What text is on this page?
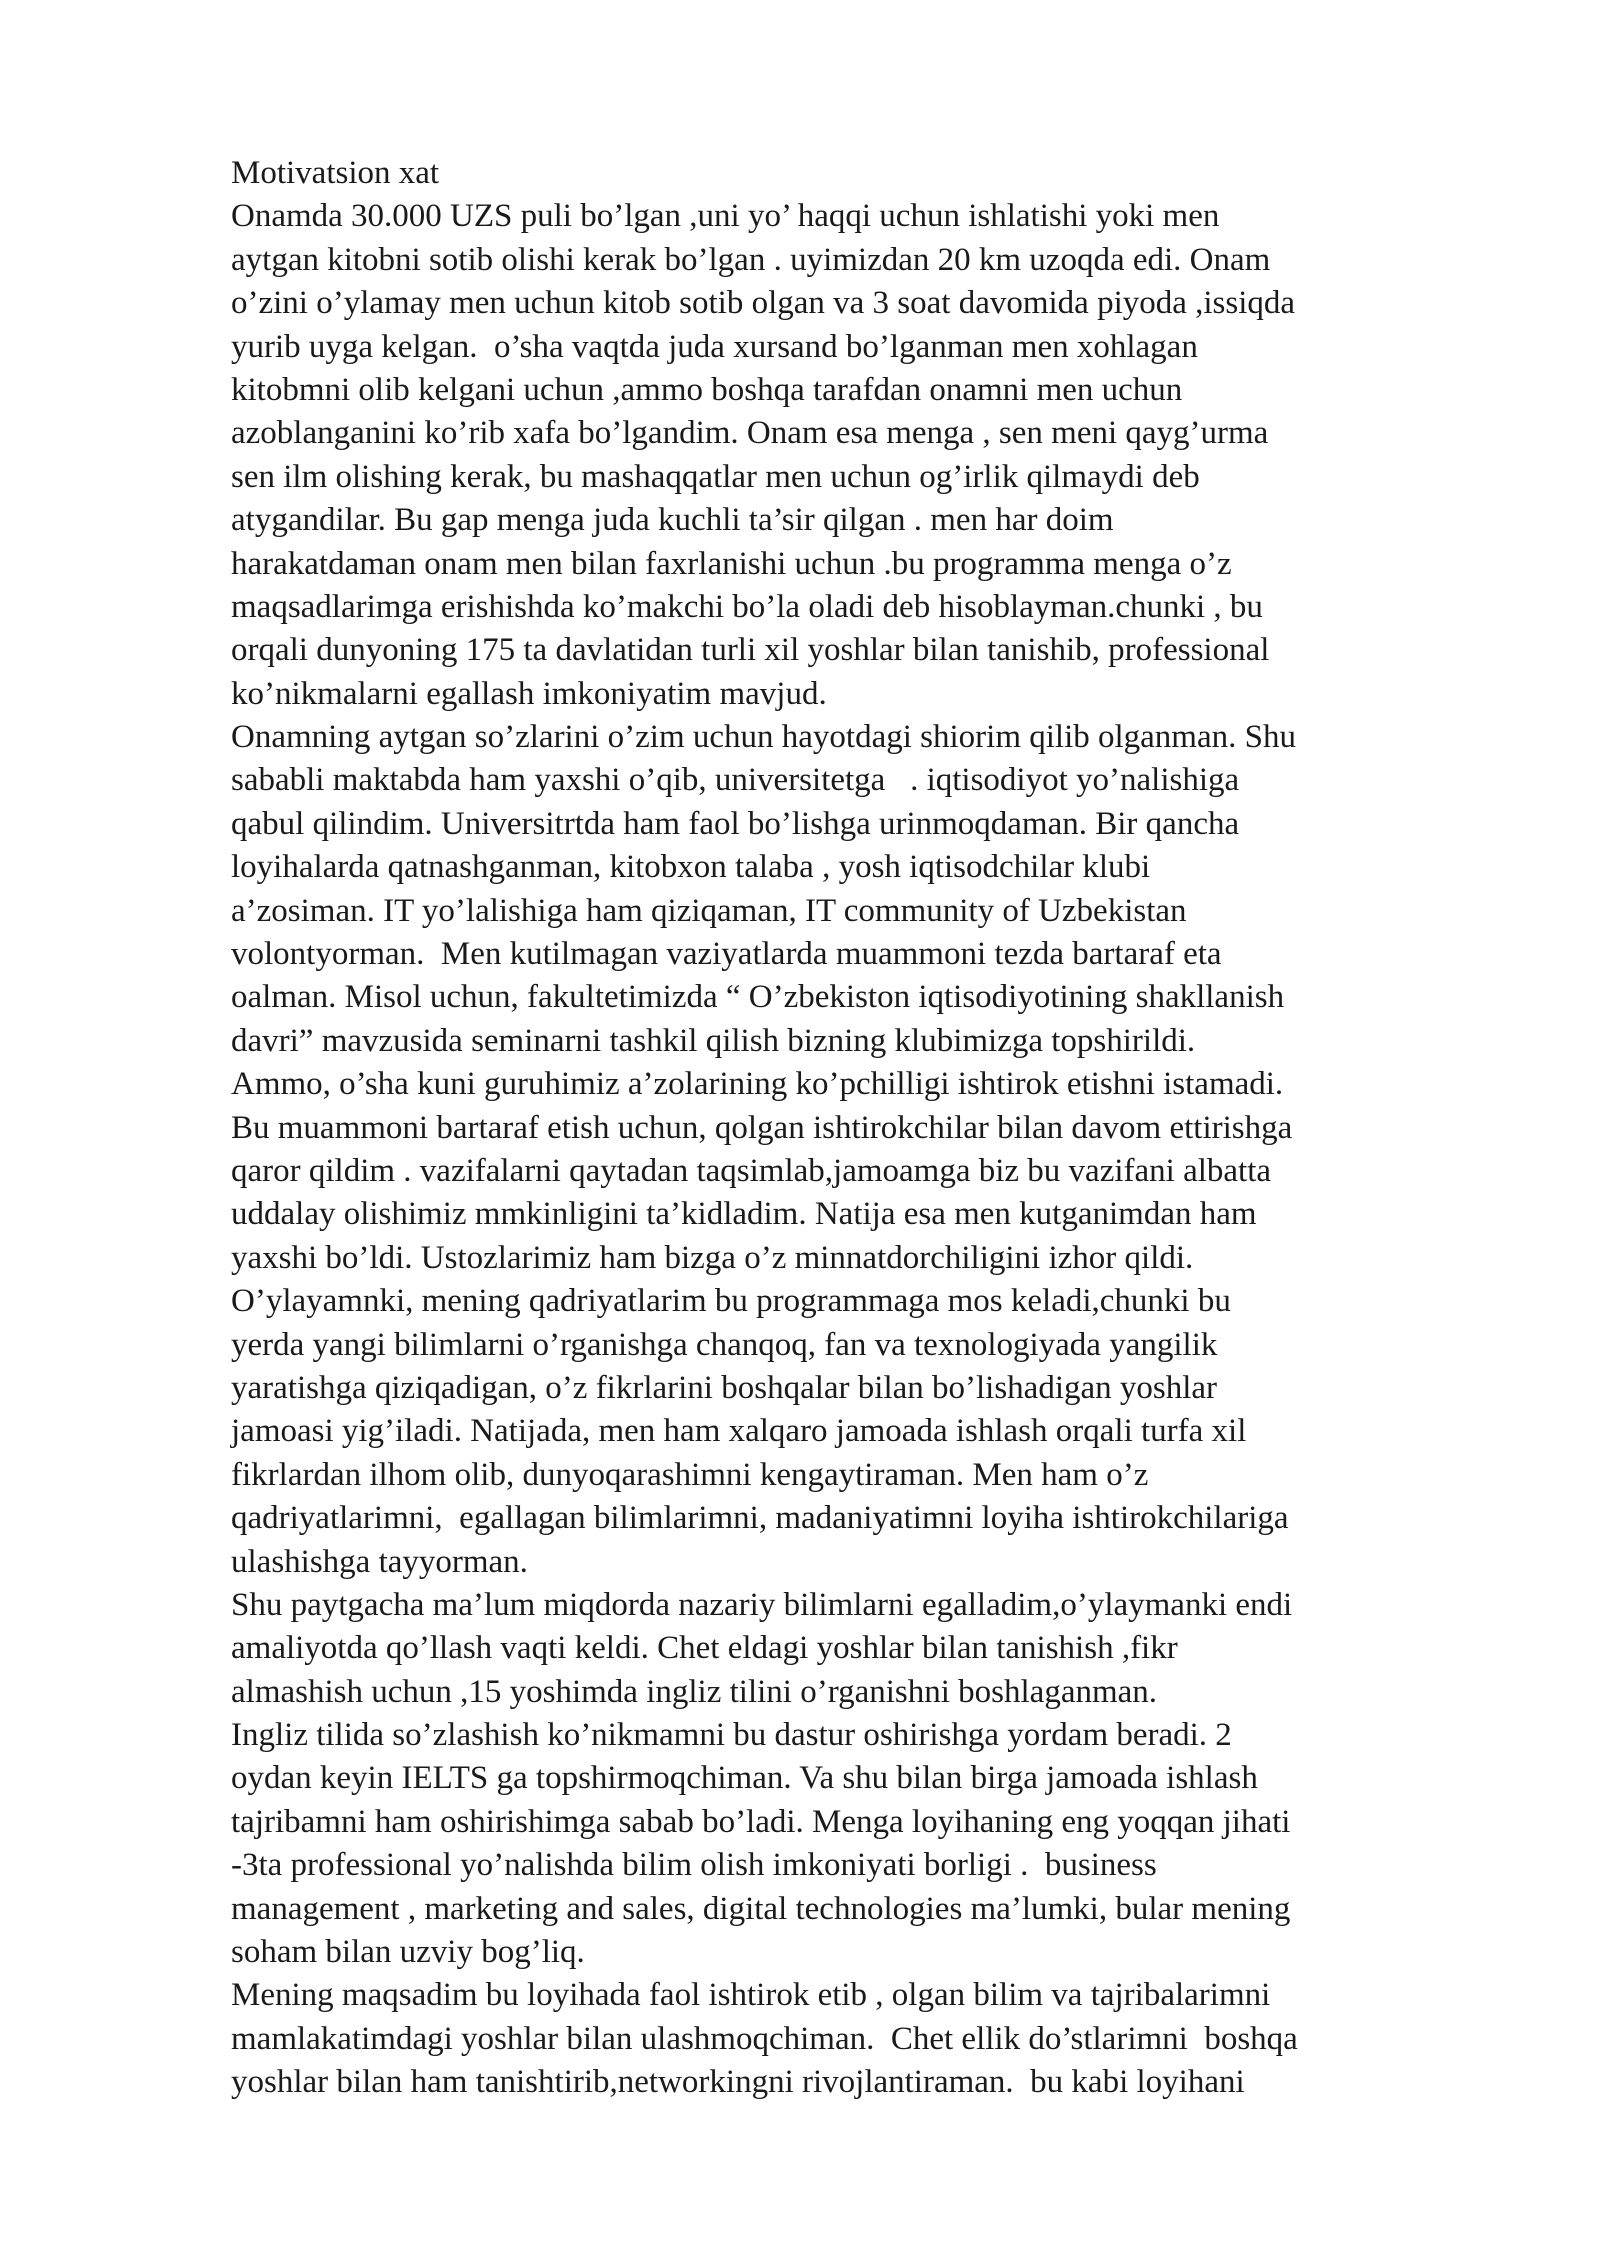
Motivatsion xat
Onamda 30.000 UZS puli bo’lgan ,uni yo’ haqqi uchun ishlatishi yoki men
aytgan kitobni sotib olishi kerak bo’lgan . uyimizdan 20 km uzoqda edi. Onam
o’zini o’ylamay men uchun kitob sotib olgan va 3 soat davomida piyoda ,issiqda
yurib uyga kelgan.  o’sha vaqtda juda xursand bo’lganman men xohlagan
kitobmni olib kelgani uchun ,ammo boshqa tarafdan onamni men uchun
azoblanganini ko’rib xafa bo’lgandim. Onam esa menga , sen meni qayg’urma
sen ilm olishing kerak, bu mashaqqatlar men uchun og’irlik qilmaydi deb
atygandilar. Bu gap menga juda kuchli ta’sir qilgan . men har doim
harakatdaman onam men bilan faxrlanishi uchun .bu programma menga o’z
maqsadlarimga erishishda ko’makchi bo’la oladi deb hisoblayman.chunki , bu
orqali dunyoning 175 ta davlatidan turli xil yoshlar bilan tanishib, professional
ko’nikmalarni egallash imkoniyatim mavjud.
Onamning aytgan so’zlarini o’zim uchun hayotdagi shiorim qilib olganman. Shu
sababli maktabda ham yaxshi o’qib, universitetga   . iqtisodiyot yo’nalishiga
qabul qilindim. Universitrtda ham faol bo’lishga urinmoqdaman. Bir qancha
loyihalarda qatnashganman, kitobxon talaba , yosh iqtisodchilar klubi
a’zosiman. IT yo’lalishiga ham qiziqaman, IT community of Uzbekistan
volontyorman.  Men kutilmagan vaziyatlarda muammoni tezda bartaraf eta
oalman. Misol uchun, fakultetimizda “ O’zbekiston iqtisodiyotining shakllanish
davri” mavzusida seminarni tashkil qilish bizning klubimizga topshirildi.
Ammo, o’sha kuni guruhimiz a’zolarining ko’pchilligi ishtirok etishni istamadi.
Bu muammoni bartaraf etish uchun, qolgan ishtirokchilar bilan davom ettirishga
qaror qildim . vazifalarni qaytadan taqsimlab,jamoamga biz bu vazifani albatta
uddalay olishimiz mmkinligini ta’kidladim. Natija esa men kutganimdan ham
yaxshi bo’ldi. Ustozlarimiz ham bizga o’z minnatdorchiligini izhor qildi.
O’ylayamnki, mening qadriyatlarim bu programmaga mos keladi,chunki bu
yerda yangi bilimlarni o’rganishga chanqoq, fan va texnologiyada yangilik
yaratishga qiziqadigan, o’z fikrlarini boshqalar bilan bo’lishadigan yoshlar
jamoasi yig’iladi. Natijada, men ham xalqaro jamoada ishlash orqali turfa xil
fikrlardan ilhom olib, dunyoqarashimni kengaytiraman. Men ham o’z
qadriyatlarimni,  egallagan bilimlarimni, madaniyatimni loyiha ishtirokchilariga
ulashishga tayyorman.
Shu paytgacha ma’lum miqdorda nazariy bilimlarni egalladim,o’ylaymanki endi
amaliyotda qo’llash vaqti keldi. Chet eldagi yoshlar bilan tanishish ,fikr
almashish uchun ,15 yoshimda ingliz tilini o’rganishni boshlaganman.
Ingliz tilida so’zlashish ko’nikmamni bu dastur oshirishga yordam beradi. 2
oydan keyin IELTS ga topshirmoqchiman. Va shu bilan birga jamoada ishlash
tajribamni ham oshirishimga sabab bo’ladi. Menga loyihaning eng yoqqan jihati
-3ta professional yo’nalishda bilim olish imkoniyati borligi .  business
management , marketing and sales, digital technologies ma’lumki, bular mening
soham bilan uzviy bog’liq.
Mening maqsadim bu loyihada faol ishtirok etib , olgan bilim va tajribalarimni
mamlakatimdagi yoshlar bilan ulashmoqchiman.  Chet ellik do’stlarimni  boshqa
yoshlar bilan ham tanishtirib,networkingni rivojlantiraman.  bu kabi loyihani
